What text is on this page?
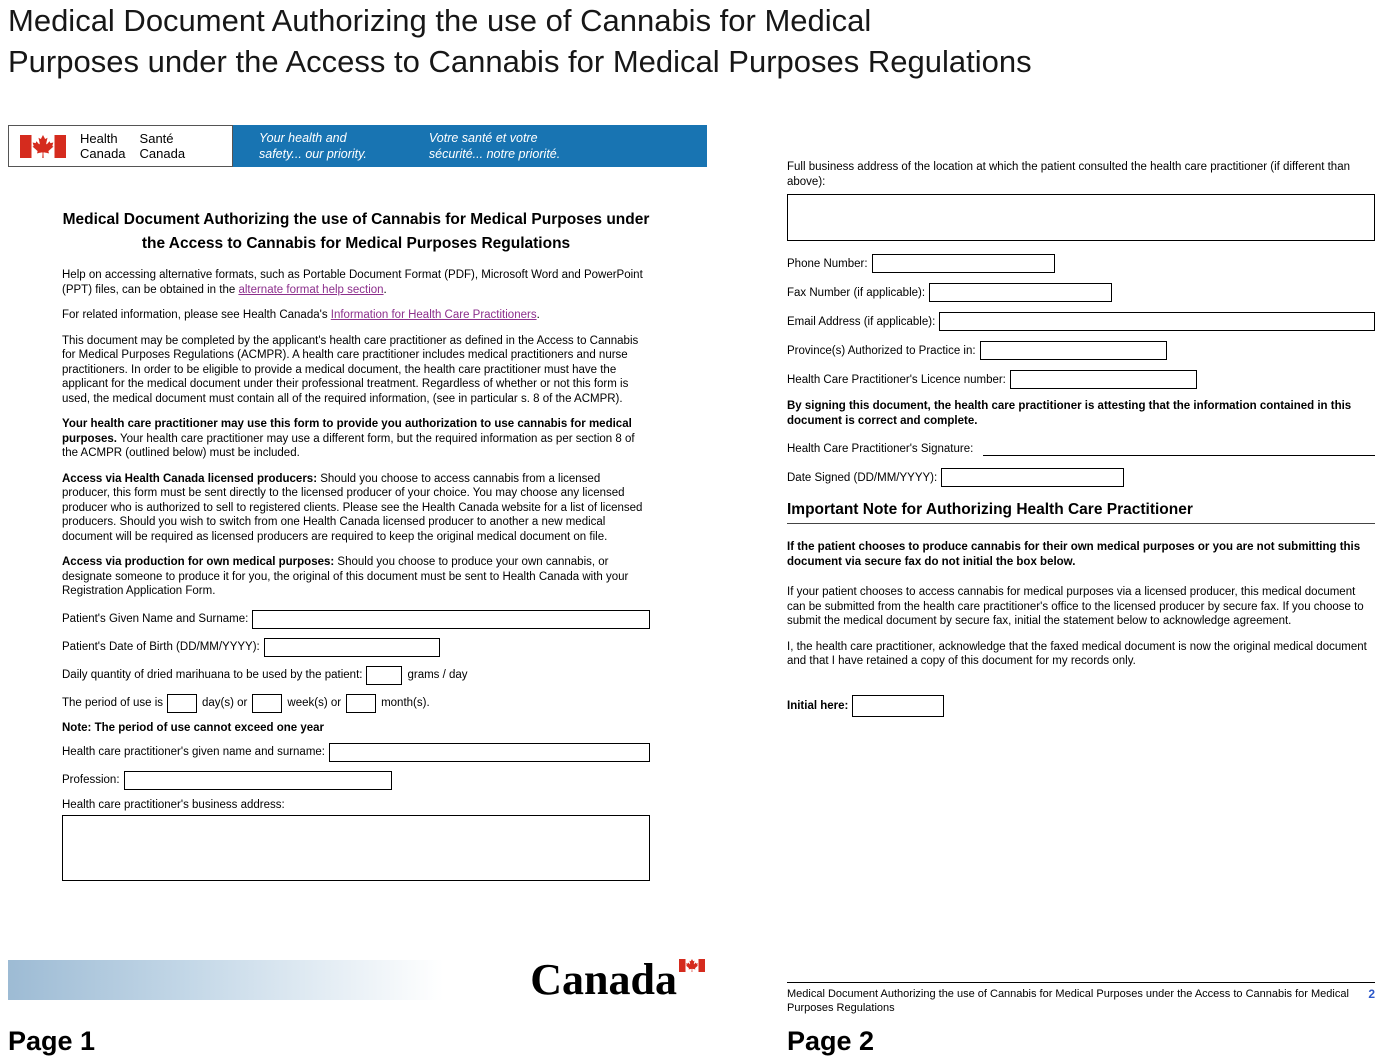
Medical Document Authorizing the use of Cannabis for Medical
Purposes under the Access to Cannabis for Medical Purposes Regulations
Health
Canada
Santé
Canada
Your health and
safety... our priority.
Votre santé et votre
sécurité... notre priorité.
Medical Document Authorizing the use of Cannabis for Medical Purposes under the Access to Cannabis for Medical Purposes Regulations

Help on accessing alternative formats, such as Portable Document Format (PDF), Microsoft Word and PowerPoint (PPT) files, can be obtained in the alternate format help section.

For related information, please see Health Canada's Information for Health Care Practitioners.

This document may be completed by the applicant's health care practitioner as defined in the Access to Cannabis for Medical Purposes Regulations (ACMPR). A health care practitioner includes medical practitioners and nurse practitioners. In order to be eligible to provide a medical document, the health care practitioner must have the applicant for the medical document under their professional treatment. Regardless of whether or not this form is used, the medical document must contain all of the required information, (see in particular s. 8 of the ACMPR).

Your health care practitioner may use this form to provide you authorization to use cannabis for medical purposes. Your health care practitioner may use a different form, but the required information as per section 8 of the ACMPR (outlined below) must be included.

Access via Health Canada licensed producers: Should you choose to access cannabis from a licensed producer, this form must be sent directly to the licensed producer of your choice. You may choose any licensed producer who is authorized to sell to registered clients. Please see the Health Canada website for a list of licensed producers. Should you wish to switch from one Health Canada licensed producer to another a new medical document will be required as licensed producers are required to keep the original medical document on file.

Access via production for own medical purposes: Should you choose to produce your own cannabis, or designate someone to produce it for you, the original of this document must be sent to Health Canada with your Registration Application Form.

Patient's Given Name and Surname:
Patient's Date of Birth (DD/MM/YYYY):
Daily quantity of dried marihuana to be used by the patient:	grams / day
The period of use is	day(s) or	week(s) or	month(s).
Note: The period of use cannot exceed one year
Health care practitioner's given name and surname:
Profession:
Health care practitioner's business address:
Canada

Full business address of the location at which the patient consulted the health care practitioner (if different than above):

Phone Number:
Fax Number (if applicable):
Email Address (if applicable):
Province(s) Authorized to Practice in:
Health Care Practitioner's Licence number:

By signing this document, the health care practitioner is attesting that the information contained in this document is correct and complete.

Health Care Practitioner's Signature:
Date Signed (DD/MM/YYYY):
Important Note for Authorizing Health Care Practitioner

If the patient chooses to produce cannabis for their own medical purposes or you are not submitting this document via secure fax do not initial the box below.

If your patient chooses to access cannabis for medical purposes via a licensed producer, this medical document can be submitted from the health care practitioner's office to the licensed producer by secure fax. If you choose to submit the medical document by secure fax, initial the statement below to acknowledge agreement.

I, the health care practitioner, acknowledge that the faxed medical document is now the original medical document and that I have retained a copy of this document for my records only.

Initial here:
Medical Document Authorizing the use of Cannabis for Medical Purposes under the Access to Cannabis for Medical Purposes Regulations
2
Page 1	Page 2
